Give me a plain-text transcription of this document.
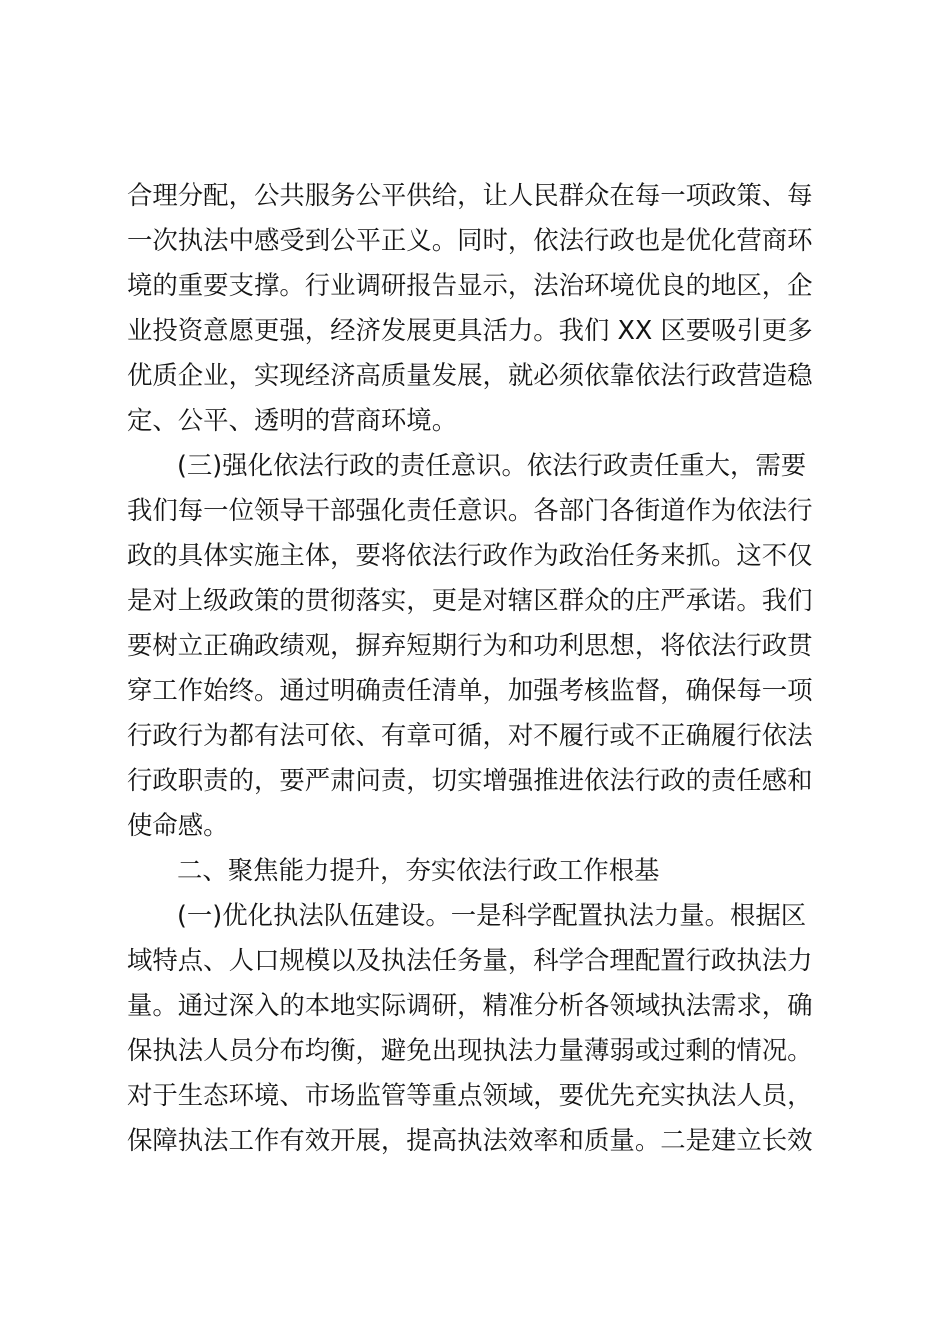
合理分配，公共服务公平供给，让人民群众在每一项政策、每
一次执法中感受到公平正义。同时，依法行政也是优化营商环
境的重要支撑。行业调研报告显示，法治环境优良的地区，企
业投资意愿更强，经济发展更具活力。我们 XX 区要吸引更多
优质企业，实现经济高质量发展，就必须依靠依法行政营造稳
定、公平、透明的营商环境。
(三)强化依法行政的责任意识。依法行政责任重大，需要
我们每一位领导干部强化责任意识。各部门各街道作为依法行
政的具体实施主体，要将依法行政作为政治任务来抓。这不仅
是对上级政策的贯彻落实，更是对辖区群众的庄严承诺。我们
要树立正确政绩观，摒弃短期行为和功利思想，将依法行政贯
穿工作始终。通过明确责任清单，加强考核监督，确保每一项
行政行为都有法可依、有章可循，对不履行或不正确履行依法
行政职责的，要严肃问责，切实增强推进依法行政的责任感和
使命感。
二、聚焦能力提升，夯实依法行政工作根基
(一)优化执法队伍建设。一是科学配置执法力量。根据区
域特点、人口规模以及执法任务量，科学合理配置行政执法力
量。通过深入的本地实际调研，精准分析各领域执法需求，确
保执法人员分布均衡，避免出现执法力量薄弱或过剩的情况。
对于生态环境、市场监管等重点领域，要优先充实执法人员，
保障执法工作有效开展，提高执法效率和质量。二是建立长效
